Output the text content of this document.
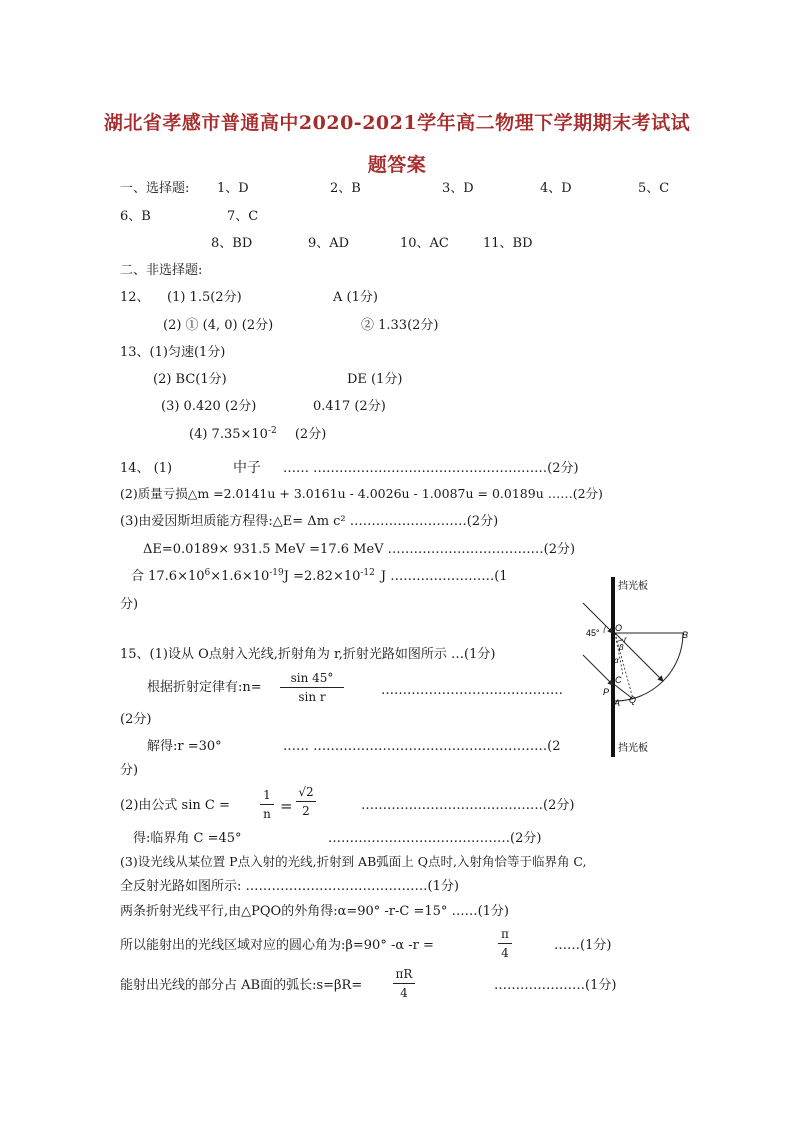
湖北省孝感市普通高中2020-2021学年高二物理下学期期末考试试
题答案
一、选择题: 1、D	2、B	3、D	4、D	5、C
6、B	7、C
8、BD	9、AD	10、AC	11、BD
二、非选择题:
12、 (1) 1.5(2分)	A (1分)
(2) ① (4, 0) (2分)	② 1.33(2分)
13、(1)匀速(1分)
(2) BC(1分)	DE (1分)
(3) 0.420 (2分)	0.417 (2分)
(4) $7.35\times 10^{-2}$ (2分)
14、 (1)	中子 …… ………………………………………………(2分)
(2)质量亏损△m =2.0141u + 3.0161u - 4.0026u - 1.0087u = 0.0189u ……(2分)
(3)由爱因斯坦质能方程得:△E= Δm c² ………………………(2分)
ΔE=0.0189× 931.5 MeV =17.6 MeV ………………………………(2分)
合 $17.6\times 10^6\times 1.6\times 10^{-19}J =2.82\times 10^{-12}$ J ……………………(1
分)
15、(1)设从 O点射入光线,折射角为 r,折射光路如图所示 …(1分)
根据折射定律有:n=
sin 45°
sin r	……………………………………
(2分)
解得:r =30°	…… ………………………………………………(2
分)
(2)由公式 sin C =
1
n =
√2
2	……………………………………(2分)
得:临界角 C =45°	……………………………………(2分)
(3)设光线从某位置 P点入射的光线,折射到 AB弧面上 Q点时,入射角恰等于临界角 C,
全反射光路如图所示: ……………………………………(1分)
两条折射光线平行,由△PQO的外角得:α=90° -r-C =15° ……(1分)
所以能射出的光线区域对应的圆心角为:β=90° -α -r =
π
4	……(1分)
能射出光线的部分占 AB面的弧长:s=βR=
πR
4	…………………(1分)
挡光板
挡光板
45° O
B
C
P
A Q
r
β
α
